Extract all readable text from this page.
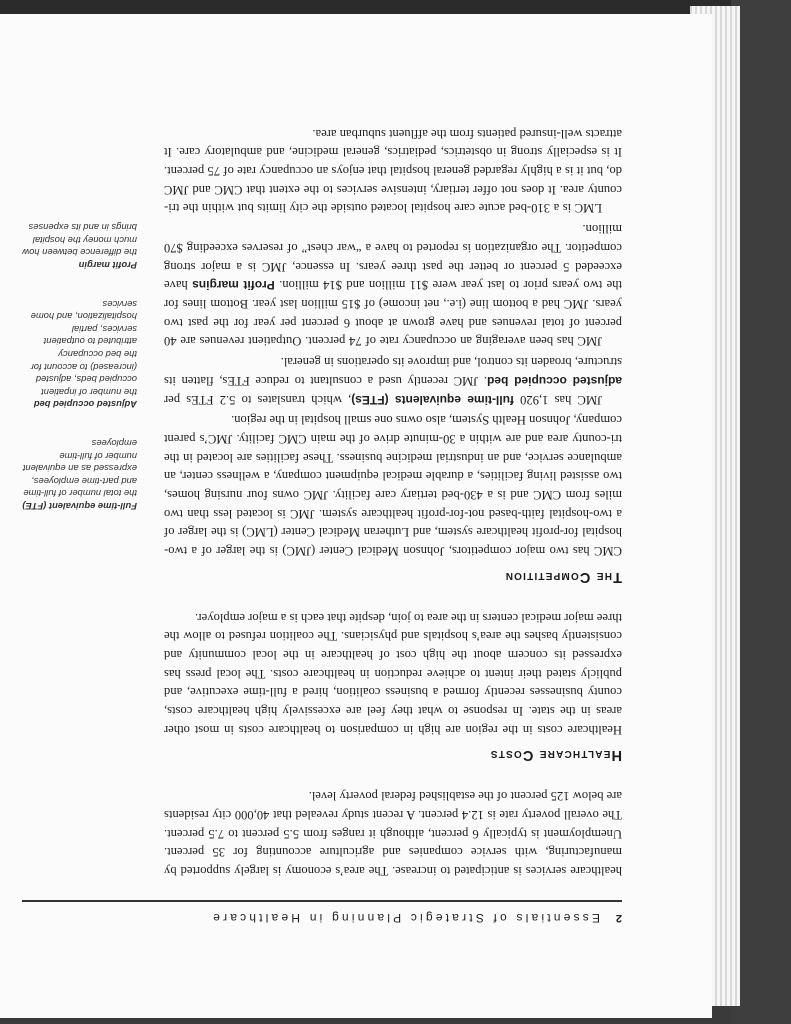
2
Essentials of Strategic Planning in Healthcare

healthcare services is anticipated to increase. The area’s economy is largely supported by manufacturing, with service companies and agriculture accounting for 35 percent. Unemployment is typically 6 percent, although it ranges from 5.5 percent to 7.5 percent. The overall poverty rate is 12.4 percent. A recent study revealed that 40,000 city residents are below 125 percent of the established federal poverty level.

Healthcare Costs

Healthcare costs in the region are high in comparison to healthcare costs in most other areas in the state. In response to what they feel are excessively high healthcare costs, county businesses recently formed a business coalition, hired a full-time executive, and publicly stated their intent to achieve reduction in healthcare costs. The local press has expressed its concern about the high cost of healthcare in the local community and consistently bashes the area’s hospitals and physicians. The coalition refused to allow the three major medical centers in the area to join, despite that each is a major employer.

The Competition

CMC has two major competitors, Johnson Medical Center (JMC) is the larger of a two-hospital for-profit healthcare system, and Lutheran Medical Center (LMC) is the larger of a two-hospital faith-based not-for-profit healthcare system. JMC is located less than two miles from CMC and is a 430-bed tertiary care facility. JMC owns four nursing homes, two assisted living facilities, a durable medical equipment company, a wellness center, an ambulance service, and an industrial medicine business. These facilities are located in the tri-county area and are within a 30-minute drive of the main CMC facility. JMC’s parent company, Johnson Health System, also owns one small hospital in the region.

JMC has 1,920 full-time equivalents (FTEs), which translates to 5.2 FTEs per adjusted occupied bed. JMC recently used a consultant to reduce FTEs, flatten its structure, broaden its control, and improve its operations in general.

JMC has been averaging an occupancy rate of 74 percent. Outpatient revenues are 40 percent of total revenues and have grown at about 6 percent per year for the past two years. JMC had a bottom line (i.e., net income) of $15 million last year. Bottom lines for the two years prior to last year were $11 million and $14 million. Profit margins have exceeded 5 percent or better the past three years. In essence, JMC is a major strong competitor. The organization is reported to have a “war chest” of reserves exceeding $70 million.

LMC is a 310-bed acute care hospital located outside the city limits but within the tri-county area. It does not offer tertiary, intensive services to the extent that CMC and JMC do, but it is a highly regarded general hospital that enjoys an occupancy rate of 75 percent. It is especially strong in obstetrics, pediatrics, general medicine, and ambulatory care. It attracts well-insured patients from the affluent suburban area.

Full-time equivalent (FTE)
the total number of full-time and part-time employees, expressed as an equivalent number of full-time employees
Adjusted occupied bed
the number of inpatient occupied beds, adjusted (increased) to account for the bed occupancy attributed to outpatient services, partial hospitalization, and home services
Profit margin
the difference between how much money the hospital brings in and its expenses
